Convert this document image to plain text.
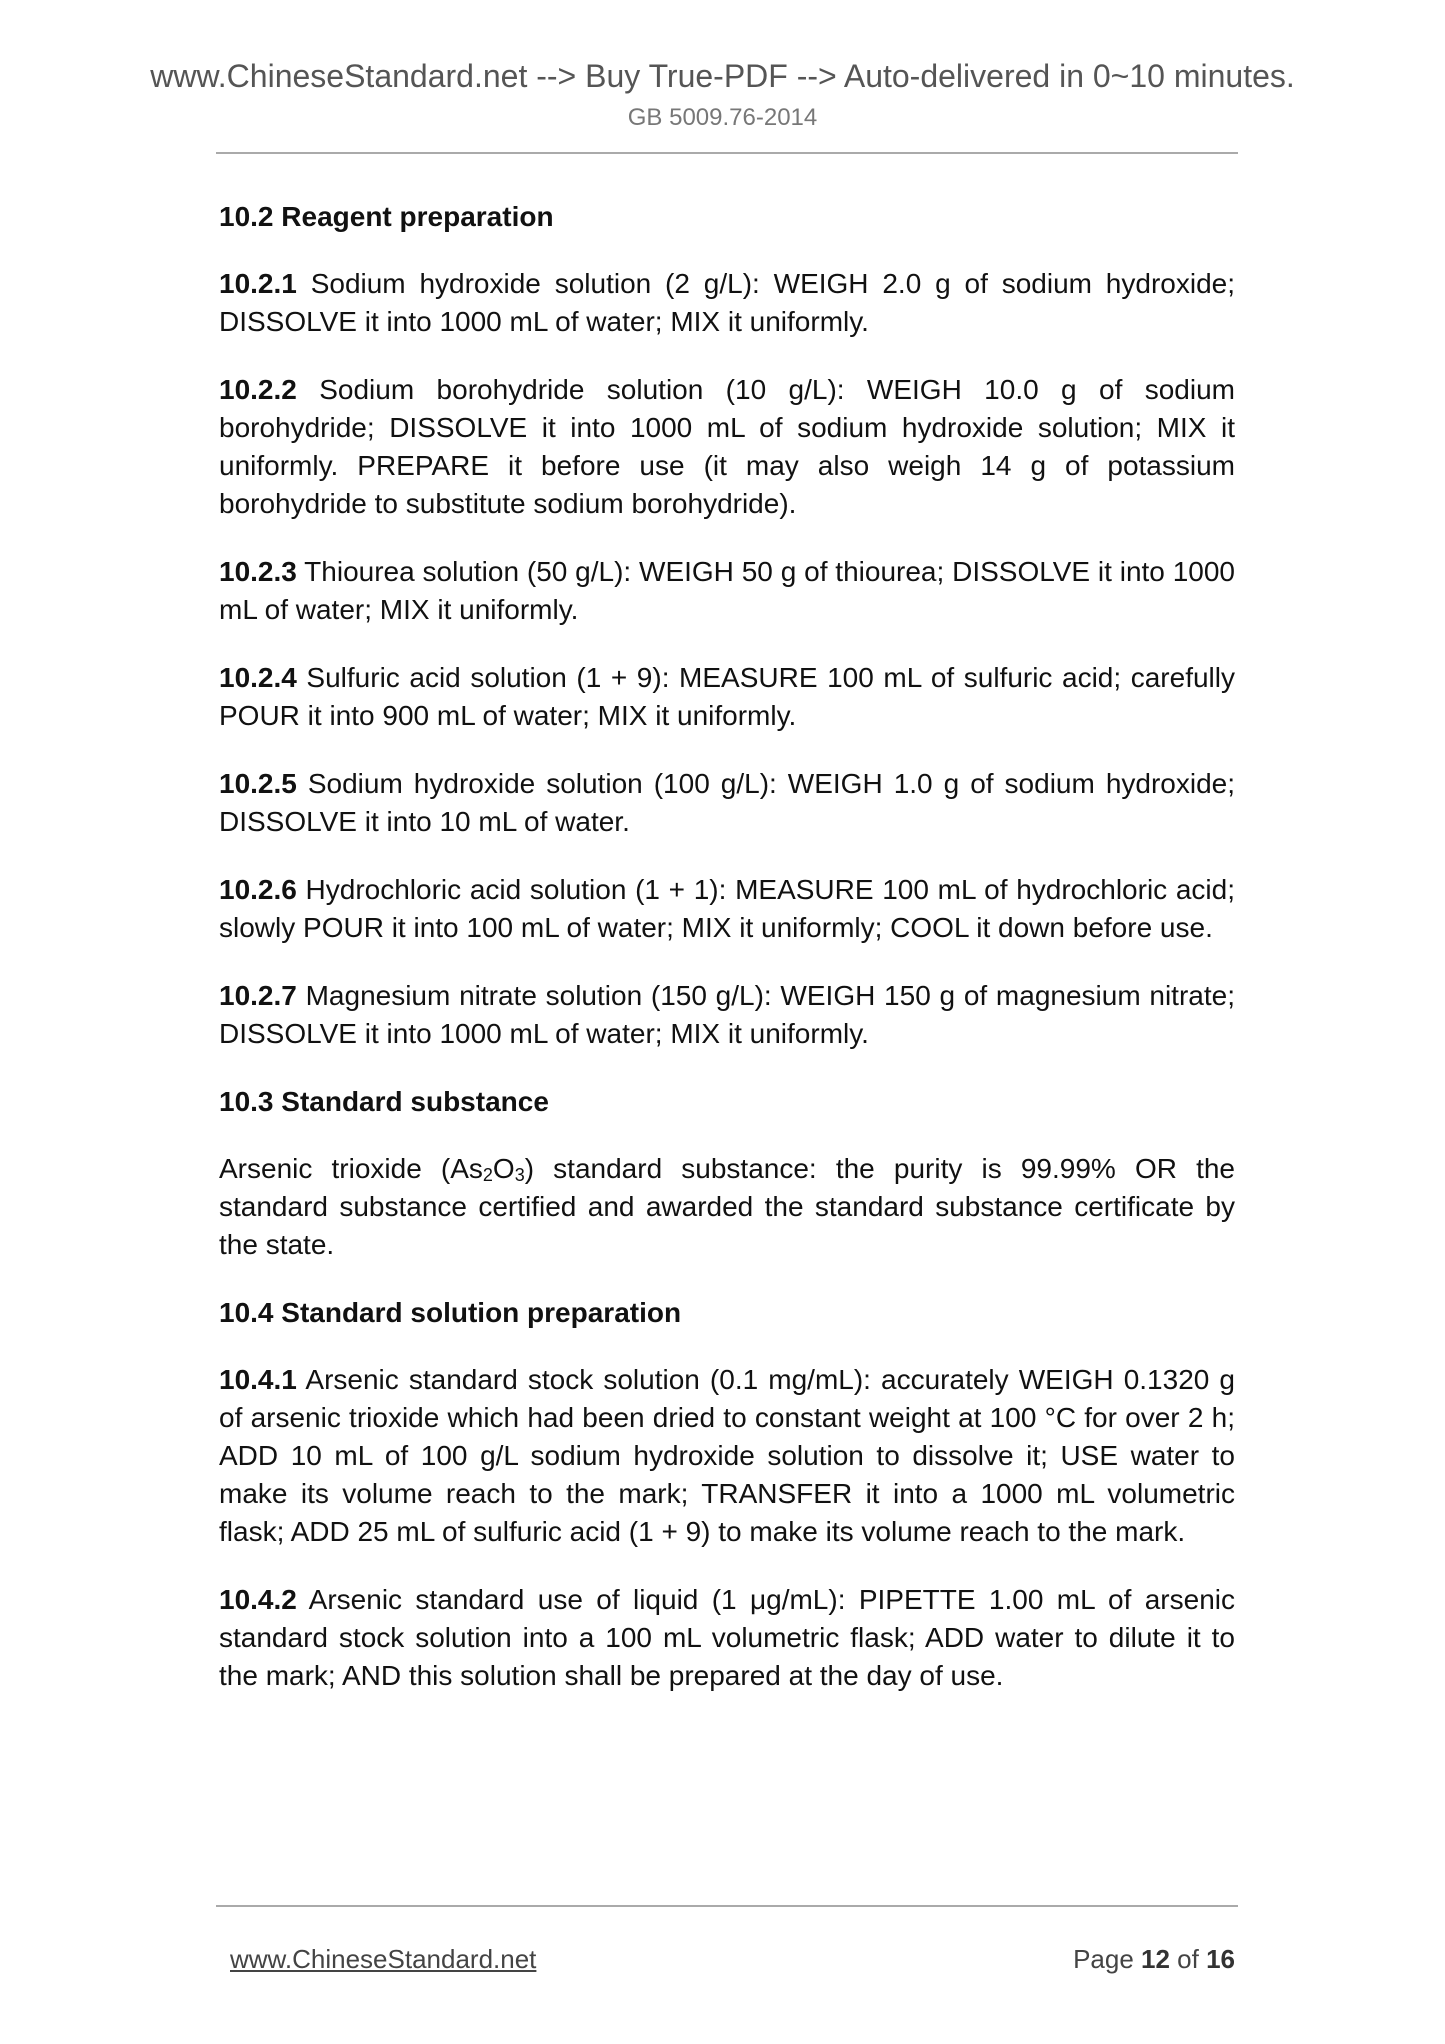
www.ChineseStandard.net --> Buy True-PDF --> Auto-delivered in 0~10 minutes.
GB 5009.76-2014
10.2 Reagent preparation

10.2.1 Sodium hydroxide solution (2 g/L): WEIGH 2.0 g of sodium hydroxide; DISSOLVE it into 1000 mL of water; MIX it uniformly.

10.2.2 Sodium borohydride solution (10 g/L): WEIGH 10.0 g of sodium borohydride; DISSOLVE it into 1000 mL of sodium hydroxide solution; MIX it uniformly. PREPARE it before use (it may also weigh 14 g of potassium borohydride to substitute sodium borohydride).

10.2.3 Thiourea solution (50 g/L): WEIGH 50 g of thiourea; DISSOLVE it into 1000 mL of water; MIX it uniformly.

10.2.4 Sulfuric acid solution (1 + 9): MEASURE 100 mL of sulfuric acid; carefully POUR it into 900 mL of water; MIX it uniformly.

10.2.5 Sodium hydroxide solution (100 g/L): WEIGH 1.0 g of sodium hydroxide; DISSOLVE it into 10 mL of water.

10.2.6 Hydrochloric acid solution (1 + 1): MEASURE 100 mL of hydrochloric acid; slowly POUR it into 100 mL of water; MIX it uniformly; COOL it down before use.

10.2.7 Magnesium nitrate solution (150 g/L): WEIGH 150 g of magnesium nitrate; DISSOLVE it into 1000 mL of water; MIX it uniformly.

10.3 Standard substance

Arsenic trioxide $(As_2O_3)$ standard substance: the purity is 99.99% OR the standard substance certified and awarded the standard substance certificate by the state.

10.4 Standard solution preparation

10.4.1 Arsenic standard stock solution (0.1 mg/mL): accurately WEIGH 0.1320 g of arsenic trioxide which had been dried to constant weight at 100 °C for over 2 h; ADD 10 mL of 100 g/L sodium hydroxide solution to dissolve it; USE water to make its volume reach to the mark; TRANSFER it into a 1000 mL volumetric flask; ADD 25 mL of sulfuric acid (1 + 9) to make its volume reach to the mark.

10.4.2 Arsenic standard use of liquid (1 μg/mL): PIPETTE 1.00 mL of arsenic standard stock solution into a 100 mL volumetric flask; ADD water to dilute it to the mark; AND this solution shall be prepared at the day of use.

www.ChineseStandard.net	Page 12 of 16
